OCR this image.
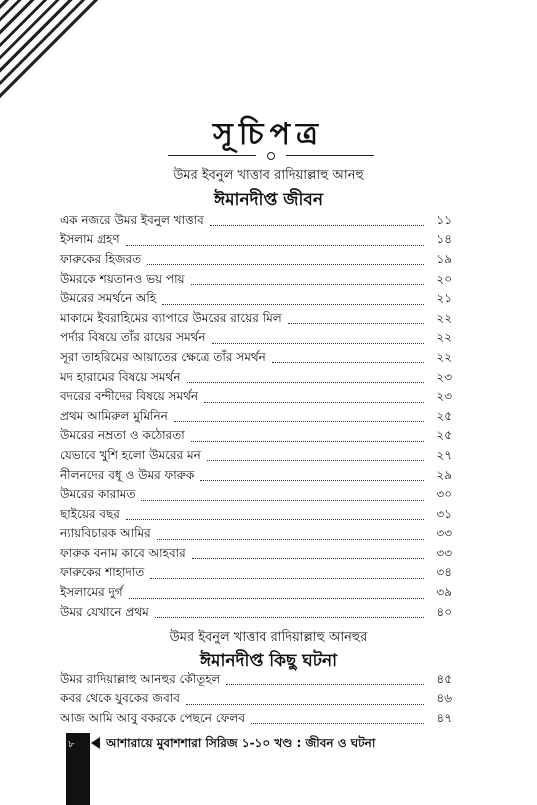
সূচিপত্র
উমর ইবনুল খাত্তাব রাদিয়াল্লাহু আনহু
ঈমানদীপ্ত জীবন
এক নজরে উমর ইবনুল খাত্তাব	১১
ইসলাম গ্রহণ	১৪
ফারুকের হিজরত	১৯
উমরকে শয়তানও ভয় পায়	২০
উমরের সমর্থনে অহি	২১
মাকামে ইবরাহিমের ব্যাপারে উমরের রায়ের মিল	২২
পর্দার বিষয়ে তাঁর রায়ের সমর্থন	২২
সূরা তাহরিমের আয়াতের ক্ষেত্রে তাঁর সমর্থন	২২
মদ হারামের বিষয়ে সমর্থন	২৩
বদরের বন্দীদের বিষয়ে সমর্থন	২৩
প্রথম আমিরুল মুমিনিন	২৫
উমরের নম্রতা ও কঠোরতা	২৫
যেভাবে খুশি হলো উমরের মন	২৭
নীলনদের বধূ ও উমর ফারুক	২৯
উমরের কারামত	৩০
ছাইয়ের বছর	৩১
ন্যায়বিচারক আমির	৩৩
ফারুক বনাম কাবে আহবার	৩৩
ফারুকের শাহাদাত	৩৪
ইসলামের দুর্গ	৩৯
উমর যেখানে প্রথম	৪০
উমর ইবনুল খাত্তাব রাদিয়াল্লাহু আনহুর
ঈমানদীপ্ত কিছু ঘটনা
উমর রাদিয়াল্লাহু আনহুর কৌতূহল	৪৫
কবর থেকে যুবকের জবাব	৪৬
আজ আমি আবু বকরকে পেছনে ফেলব	৪৭
৮	আশারায়ে মুবাশশারা সিরিজ ১-১০ খণ্ড : জীবন ও ঘটনা
